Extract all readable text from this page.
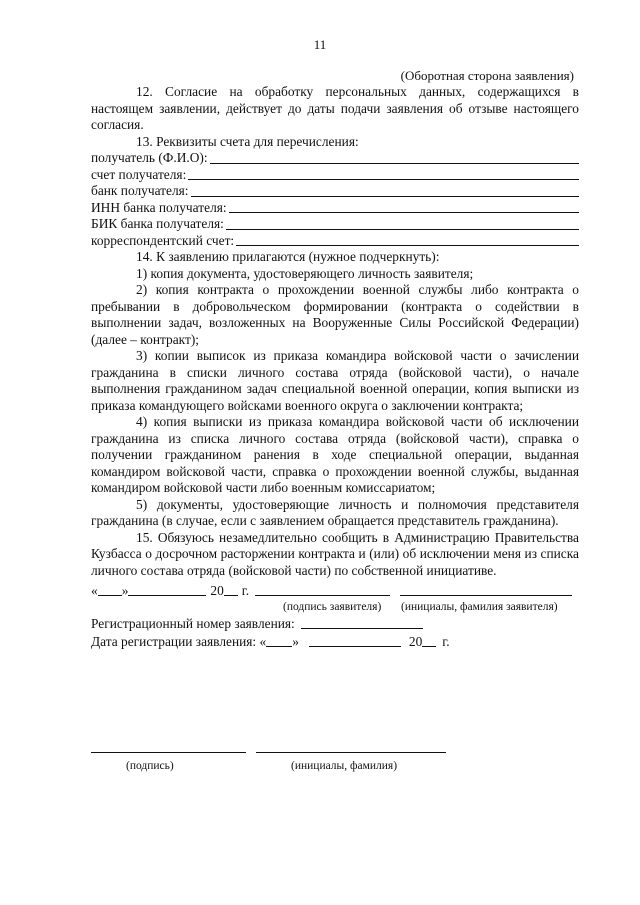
11
(Оборотная сторона заявления)

12. Согласие на обработку персональных данных, содержащихся в настоящем заявлении, действует до даты подачи заявления об отзыве настоящего согласия.

13. Реквизиты счета для перечисления:

получатель (Ф.И.О):
счет получателя:
банк получателя:
ИНН банка получателя:
БИК банка получателя:
корреспондентский счет:

14. К заявлению прилагаются (нужное подчеркнуть):

1) копия документа, удостоверяющего личность заявителя;

2) копия контракта о прохождении военной службы либо контракта о пребывании в добровольческом формировании (контракта о содействии в выполнении задач, возложенных на Вооруженные Силы Российской Федерации) (далее – контракт);

3) копии выписок из приказа командира войсковой части о зачислении гражданина в списки личного состава отряда (войсковой части), о начале выполнения гражданином задач специальной военной операции, копия выписки из приказа командующего войсками военного округа о заключении контракта;

4) копия выписки из приказа командира войсковой части об исключении гражданина из списка личного состава отряда (войсковой части), справка о получении гражданином ранения в ходе специальной операции, выданная командиром войсковой части, справка о прохождении военной службы, выданная командиром войсковой части либо военным комиссариатом;

5) документы, удостоверяющие личность и полномочия представителя гражданина (в случае, если с заявлением обращается представитель гражданина).

15. Обязуюсь незамедлительно сообщить в Администрацию Правительства Кузбасса о досрочном расторжении контракта и (или) об исключении меня из списка личного состава отряда (войсковой части) по собственной инициативе.

« »	20 г.
(подпись заявителя) (инициалы, фамилия заявителя)
Регистрационный номер заявления:
Дата регистрации заявления: « »	20 г.
(подпись)	(инициалы, фамилия)
